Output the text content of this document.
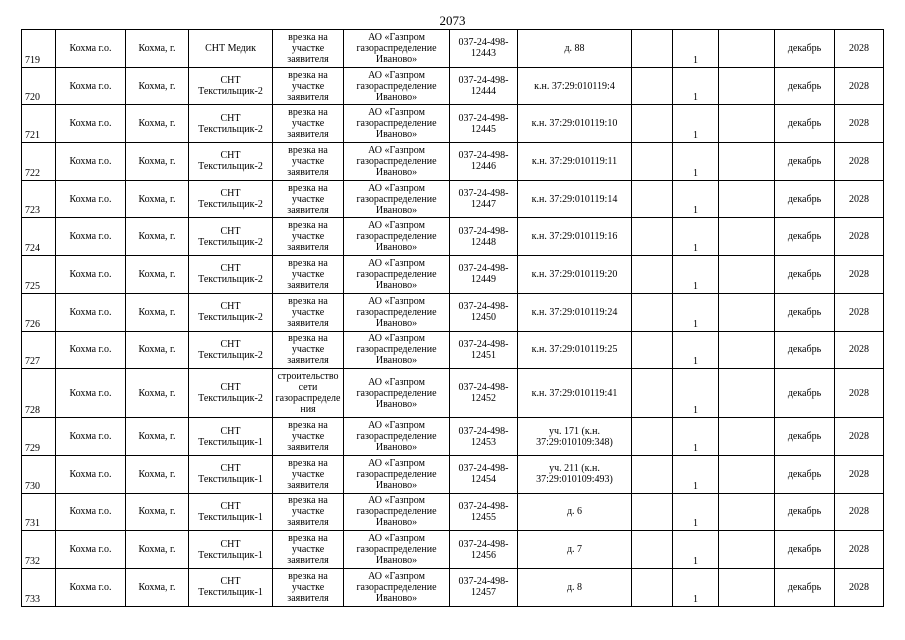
2073
719	Кохма г.о.	Кохма, г.	СНТ Медик	врезка на участке заявителя	АО «Газпром газораспределение Иваново»	037-24-498-12443	д. 88		1		декабрь	2028
720	Кохма г.о.	Кохма, г.	СНТ Текстильщик-2	врезка на участке заявителя	АО «Газпром газораспределение Иваново»	037-24-498-12444	к.н. 37:29:010119:4		1		декабрь	2028
721	Кохма г.о.	Кохма, г.	СНТ Текстильщик-2	врезка на участке заявителя	АО «Газпром газораспределение Иваново»	037-24-498-12445	к.н. 37:29:010119:10		1		декабрь	2028
722	Кохма г.о.	Кохма, г.	СНТ Текстильщик-2	врезка на участке заявителя	АО «Газпром газораспределение Иваново»	037-24-498-12446	к.н. 37:29:010119:11		1		декабрь	2028
723	Кохма г.о.	Кохма, г.	СНТ Текстильщик-2	врезка на участке заявителя	АО «Газпром газораспределение Иваново»	037-24-498-12447	к.н. 37:29:010119:14		1		декабрь	2028
724	Кохма г.о.	Кохма, г.	СНТ Текстильщик-2	врезка на участке заявителя	АО «Газпром газораспределение Иваново»	037-24-498-12448	к.н. 37:29:010119:16		1		декабрь	2028
725	Кохма г.о.	Кохма, г.	СНТ Текстильщик-2	врезка на участке заявителя	АО «Газпром газораспределение Иваново»	037-24-498-12449	к.н. 37:29:010119:20		1		декабрь	2028
726	Кохма г.о.	Кохма, г.	СНТ Текстильщик-2	врезка на участке заявителя	АО «Газпром газораспределение Иваново»	037-24-498-12450	к.н. 37:29:010119:24		1		декабрь	2028
727	Кохма г.о.	Кохма, г.	СНТ Текстильщик-2	врезка на участке заявителя	АО «Газпром газораспределение Иваново»	037-24-498-12451	к.н. 37:29:010119:25		1		декабрь	2028
728	Кохма г.о.	Кохма, г.	СНТ Текстильщик-2	строительство сети газораспределения	АО «Газпром газораспределение Иваново»	037-24-498-12452	к.н. 37:29:010119:41		1		декабрь	2028
729	Кохма г.о.	Кохма, г.	СНТ Текстильщик-1	врезка на участке заявителя	АО «Газпром газораспределение Иваново»	037-24-498-12453	уч. 171 (к.н. 37:29:010109:348)		1		декабрь	2028
730	Кохма г.о.	Кохма, г.	СНТ Текстильщик-1	врезка на участке заявителя	АО «Газпром газораспределение Иваново»	037-24-498-12454	уч. 211 (к.н. 37:29:010109:493)		1		декабрь	2028
731	Кохма г.о.	Кохма, г.	СНТ Текстильщик-1	врезка на участке заявителя	АО «Газпром газораспределение Иваново»	037-24-498-12455	д. 6		1		декабрь	2028
732	Кохма г.о.	Кохма, г.	СНТ Текстильщик-1	врезка на участке заявителя	АО «Газпром газораспределение Иваново»	037-24-498-12456	д. 7		1		декабрь	2028
733	Кохма г.о.	Кохма, г.	СНТ Текстильщик-1	врезка на участке заявителя	АО «Газпром газораспределение Иваново»	037-24-498-12457	д. 8		1		декабрь	2028
